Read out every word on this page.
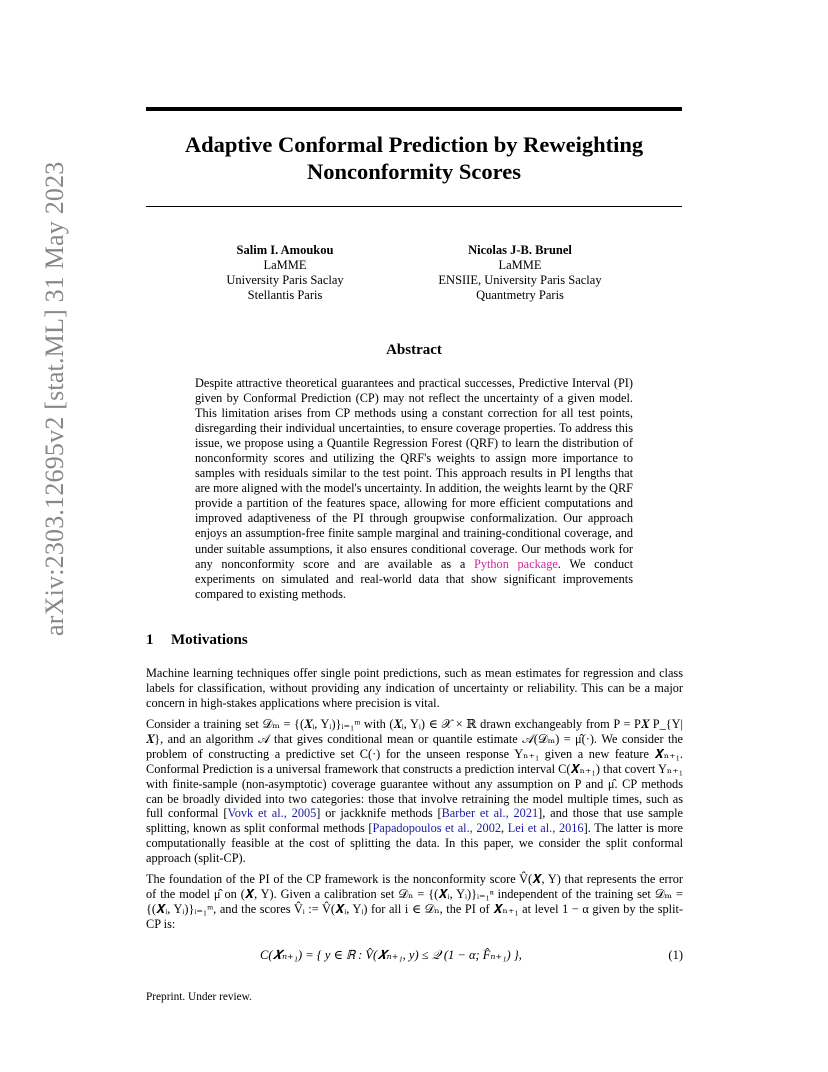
arXiv:2303.12695v2 [stat.ML] 31 May 2023
Adaptive Conformal Prediction by Reweighting
Nonconformity Scores
Salim I. Amoukou
LaMME
University Paris Saclay
Stellantis Paris
Nicolas J-B. Brunel
LaMME
ENSIIE, University Paris Saclay
Quantmetry Paris
Abstract
Despite attractive theoretical guarantees and practical successes, Predictive Interval (PI) given by Conformal Prediction (CP) may not reflect the uncertainty of a given model. This limitation arises from CP methods using a constant correction for all test points, disregarding their individual uncertainties, to ensure coverage properties. To address this issue, we propose using a Quantile Regression Forest (QRF) to learn the distribution of nonconformity scores and utilizing the QRF's weights to assign more importance to samples with residuals similar to the test point. This approach results in PI lengths that are more aligned with the model's uncertainty. In addition, the weights learnt by the QRF provide a partition of the features space, allowing for more efficient computations and improved adaptiveness of the PI through groupwise conformalization. Our approach enjoys an assumption-free finite sample marginal and training-conditional coverage, and under suitable assumptions, it also ensures conditional coverage. Our methods work for any nonconformity score and are available as a Python package. We conduct experiments on simulated and real-world data that show significant improvements compared to existing methods.
1 Motivations
Machine learning techniques offer single point predictions, such as mean estimates for regression and class labels for classification, without providing any indication of uncertainty or reliability. This can be a major concern in high-stakes applications where precision is vital.
Consider a training set 𝒟ₘ = {(𝑿ᵢ, Yᵢ)}ᵢ₌₁ᵐ with (𝑿ᵢ, Yᵢ) ∈ 𝒳 × ℝ drawn exchangeably from P = P𝑿 P_{Y|𝑿}, and an algorithm 𝒜 that gives conditional mean or quantile estimate 𝒜(𝒟ₘ) = μ̂(·). We consider the problem of constructing a predictive set C(·) for the unseen response Yₙ₊₁ given a new feature 𝑿ₙ₊₁. Conformal Prediction is a universal framework that constructs a prediction interval C(𝑿ₙ₊₁) that covert Yₙ₊₁ with finite-sample (non-asymptotic) coverage guarantee without any assumption on P and μ̂. CP methods can be broadly divided into two categories: those that involve retraining the model multiple times, such as full conformal [Vovk et al., 2005] or jackknife methods [Barber et al., 2021], and those that use sample splitting, known as split conformal methods [Papadopoulos et al., 2002, Lei et al., 2016]. The latter is more computationally feasible at the cost of splitting the data. In this paper, we consider the split conformal approach (split-CP).
The foundation of the PI of the CP framework is the nonconformity score V̂(𝑿, Y) that represents the error of the model μ̂ on (𝑿, Y). Given a calibration set 𝒟ₙ = {(𝑿ᵢ, Yᵢ)}ᵢ₌₁ⁿ independent of the training set 𝒟ₘ = {(𝑿ᵢ, Yᵢ)}ᵢ₌₁ᵐ, and the scores V̂ᵢ := V̂(𝑿ᵢ, Yᵢ) for all i ∈ 𝒟ₙ, the PI of 𝑿ₙ₊₁ at level 1 − α given by the split-CP is:
C(𝑿ₙ₊₁) = { y ∈ ℝ : V̂(𝑿ₙ₊₁, y) ≤ 𝒬 (1 − α; F̂ₙ₊₁) },	(1)
Preprint. Under review.
